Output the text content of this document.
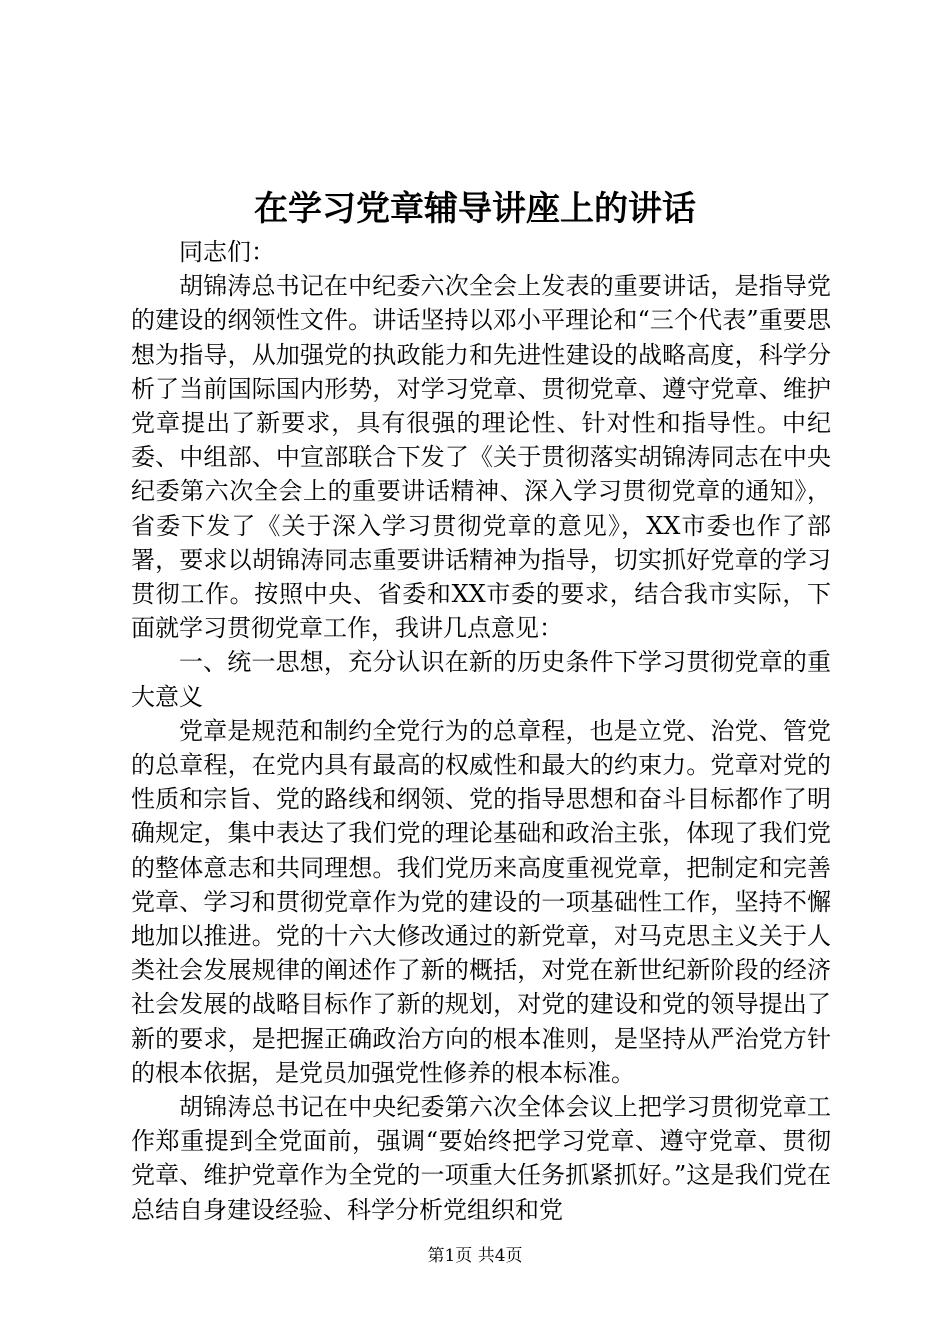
在学习党章辅导讲座上的讲话

同志们：

胡锦涛总书记在中纪委六次全会上发表的重要讲话，是指导党的建设的纲领性文件。讲话坚持以邓小平理论和“三个代表”重要思想为指导，从加强党的执政能力和先进性建设的战略高度，科学分析了当前国际国内形势，对学习党章、贯彻党章、遵守党章、维护党章提出了新要求，具有很强的理论性、针对性和指导性。中纪委、中组部、中宣部联合下发了《关于贯彻落实胡锦涛同志在中央纪委第六次全会上的重要讲话精神、深入学习贯彻党章的通知》，省委下发了《关于深入学习贯彻党章的意见》，XX市委也作了部署，要求以胡锦涛同志重要讲话精神为指导，切实抓好党章的学习贯彻工作。按照中央、省委和XX市委的要求，结合我市实际，下面就学习贯彻党章工作，我讲几点意见：

一、统一思想，充分认识在新的历史条件下学习贯彻党章的重大意义

党章是规范和制约全党行为的总章程，也是立党、治党、管党的总章程，在党内具有最高的权威性和最大的约束力。党章对党的性质和宗旨、党的路线和纲领、党的指导思想和奋斗目标都作了明确规定，集中表达了我们党的理论基础和政治主张，体现了我们党的整体意志和共同理想。我们党历来高度重视党章，把制定和完善党章、学习和贯彻党章作为党的建设的一项基础性工作，坚持不懈地加以推进。党的十六大修改通过的新党章，对马克思主义关于人类社会发展规律的阐述作了新的概括，对党在新世纪新阶段的经济社会发展的战略目标作了新的规划，对党的建设和党的领导提出了新的要求，是把握正确政治方向的根本准则，是坚持从严治党方针的根本依据，是党员加强党性修养的根本标准。

胡锦涛总书记在中央纪委第六次全体会议上把学习贯彻党章工作郑重提到全党面前，强调“要始终把学习党章、遵守党章、贯彻党章、维护党章作为全党的一项重大任务抓紧抓好。”这是我们党在总结自身建设经验、科学分析党组织和党

第1页 共4页
